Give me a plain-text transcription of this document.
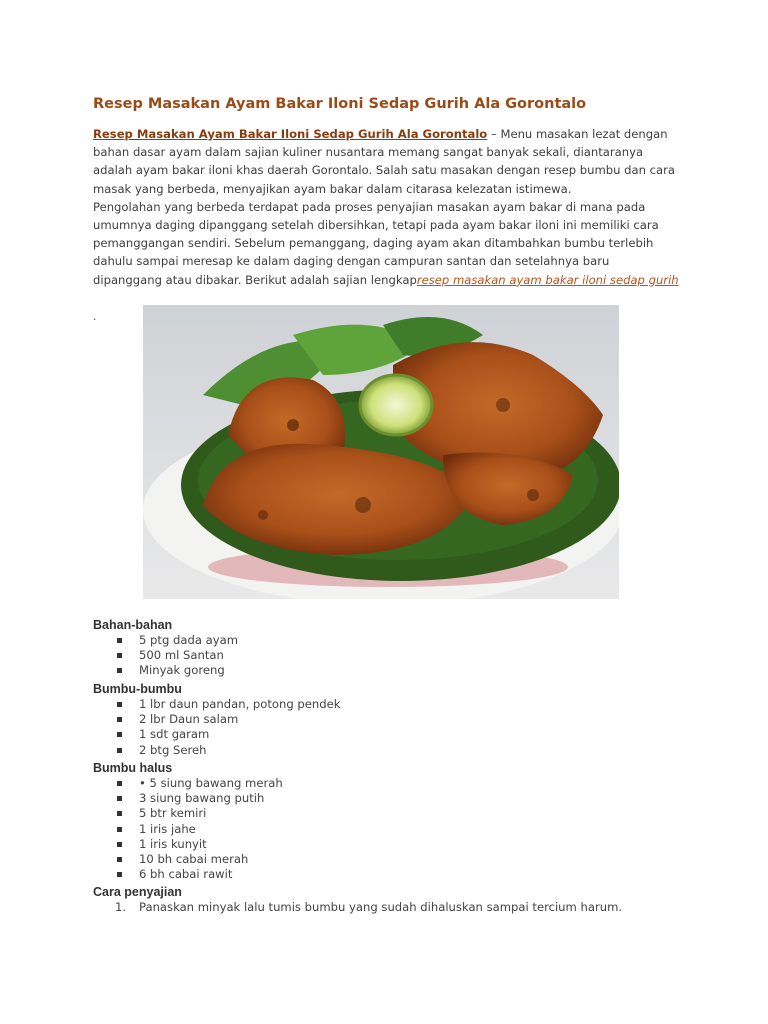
Resep Masakan Ayam Bakar Iloni Sedap Gurih Ala Gorontalo

Resep Masakan Ayam Bakar Iloni Sedap Gurih Ala Gorontalo – Menu masakan lezat dengan bahan dasar ayam dalam sajian kuliner nusantara memang sangat banyak sekali, diantaranya adalah ayam bakar iloni khas daerah Gorontalo. Salah satu masakan dengan resep bumbu dan cara masak yang berbeda, menyajikan ayam bakar dalam citarasa kelezatan istimewa.
Pengolahan yang berbeda terdapat pada proses penyajian masakan ayam bakar di mana pada umumnya daging dipanggang setelah dibersihkan, tetapi pada ayam bakar iloni ini memiliki cara pemanggangan sendiri. Sebelum pemanggang, daging ayam akan ditambahkan bumbu terlebih dahulu sampai meresap ke dalam daging dengan campuran santan dan setelahnya baru dipanggang atau dibakar. Berikut adalah sajian lengkapresep masakan ayam bakar iloni sedap gurih

.
Bahan-bahan
5 ptg dada ayam
500 ml Santan
Minyak goreng
Bumbu-bumbu
1 lbr daun pandan, potong pendek
2 lbr Daun salam
1 sdt garam
2 btg Sereh
Bumbu halus
• 5 siung bawang merah
3 siung bawang putih
5 btr kemiri
1 iris jahe
1 iris kunyit
10 bh cabai merah
6 bh cabai rawit
Cara penyajian
1. Panaskan minyak lalu tumis bumbu yang sudah dihaluskan sampai tercium harum.
